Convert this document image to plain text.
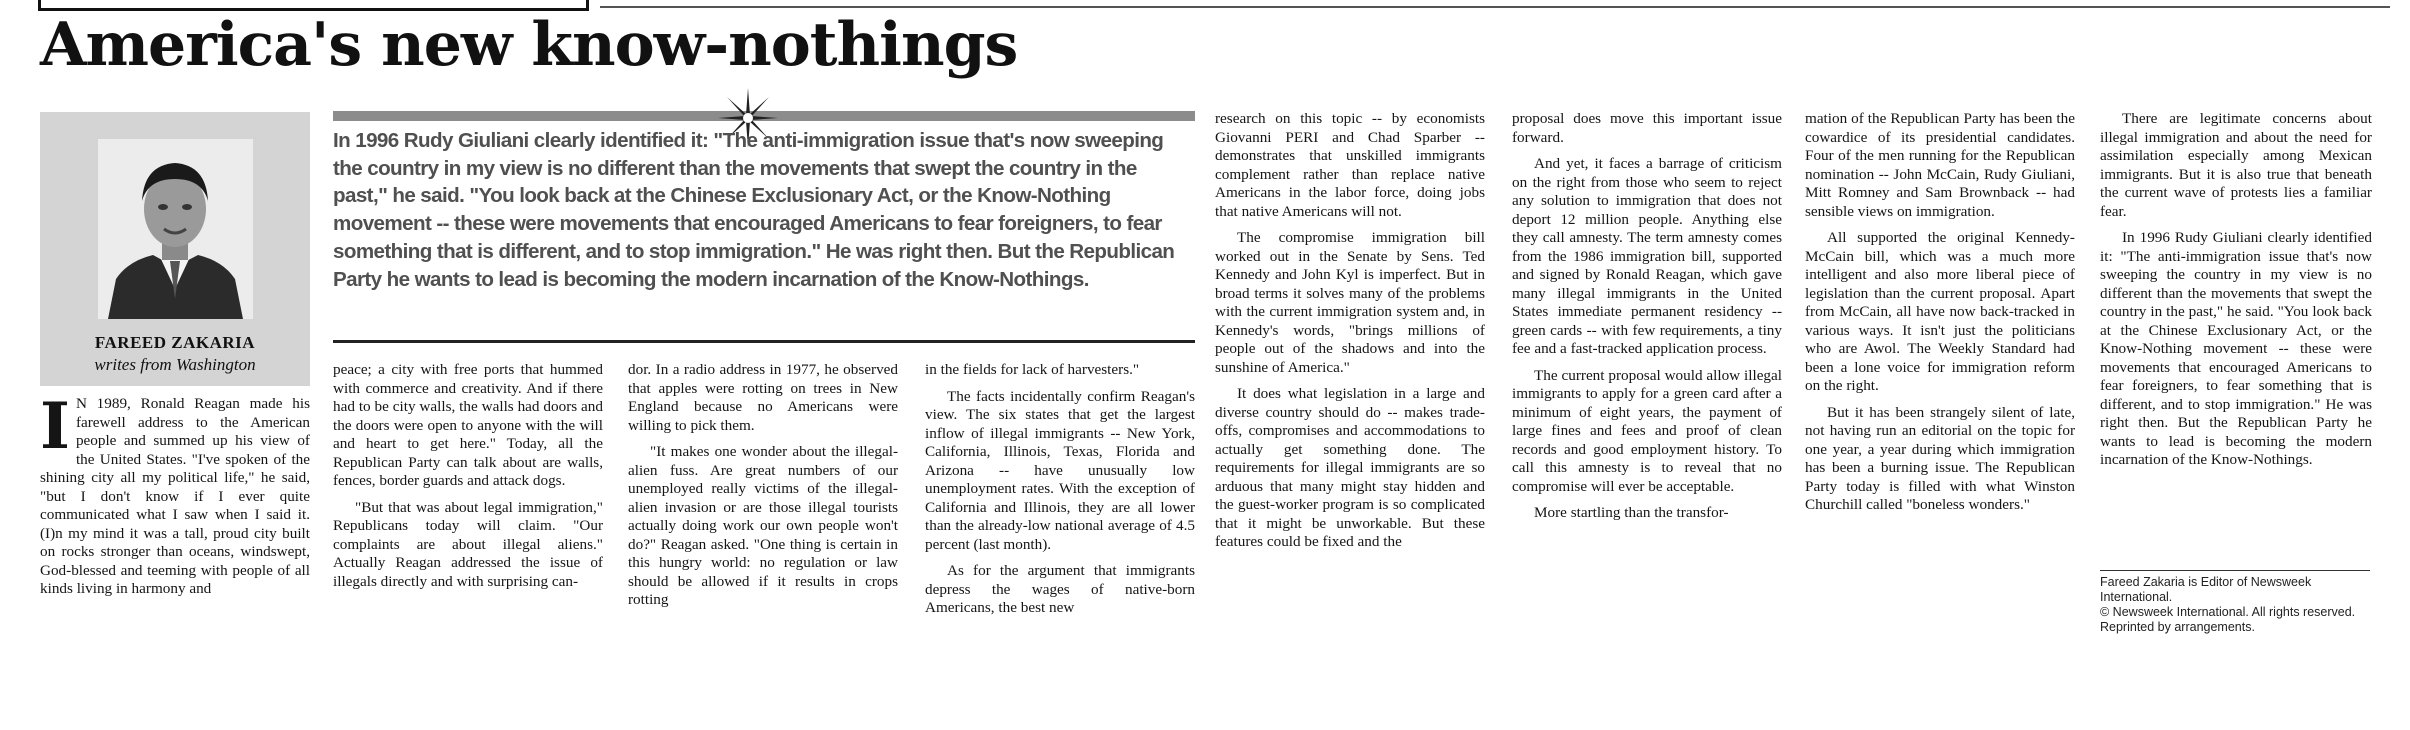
America's new know-nothings
FAREED ZAKARIA
writes from Washington

In 1996 Rudy Giuliani clearly identified it: "The anti-immigration issue that's now sweeping the country in my view is no different than the movements that swept the country in the past," he said. "You look back at the Chinese Exclusionary Act, or the Know-Nothing movement -- these were movements that encouraged Americans to fear foreigners, to fear something that is different, and to stop immigration." He was right then. But the Republican Party he wants to lead is becoming the modern incarnation of the Know-Nothings.

I N 1989, Ronald Reagan made his farewell address to the American people and summed up his view of the United States. "I've spoken of the shining city all my political life," he said, "but I don't know if I ever quite communicated what I saw when I said it. (I)n my mind it was a tall, proud city built on rocks stronger than oceans, windswept, God-blessed and teeming with people of all kinds living in harmony and

peace; a city with free ports that hummed with commerce and creativity. And if there had to be city walls, the walls had doors and the doors were open to anyone with the will and heart to get here." Today, all the Republican Party can talk about are walls, fences, border guards and attack dogs.

"But that was about legal immigration," Republicans today will claim. "Our complaints are about illegal aliens." Actually Reagan addressed the issue of illegals directly and with surprising can-

dor. In a radio address in 1977, he observed that apples were rotting on trees in New England because no Americans were willing to pick them.

"It makes one wonder about the illegal-alien fuss. Are great numbers of our unemployed really victims of the illegal-alien invasion or are those illegal tourists actually doing work our own people won't do?" Reagan asked. "One thing is certain in this hungry world: no regulation or law should be allowed if it results in crops rotting

in the fields for lack of harvesters."

The facts incidentally confirm Reagan's view. The six states that get the largest inflow of illegal immigrants -- New York, California, Illinois, Texas, Florida and Arizona -- have unusually low unemployment rates. With the exception of California and Illinois, they are all lower than the already-low national average of 4.5 percent (last month).

As for the argument that immigrants depress the wages of native-born Americans, the best new

research on this topic -- by economists Giovanni PERI and Chad Sparber -- demonstrates that unskilled immigrants complement rather than replace native Americans in the labor force, doing jobs that native Americans will not.

The compromise immigration bill worked out in the Senate by Sens. Ted Kennedy and John Kyl is imperfect. But in broad terms it solves many of the problems with the current immigration system and, in Kennedy's words, "brings millions of people out of the shadows and into the sunshine of America."

It does what legislation in a large and diverse country should do -- makes trade-offs, compromises and accommodations to actually get something done. The requirements for illegal immigrants are so arduous that many might stay hidden and the guest-worker program is so complicated that it might be unworkable. But these features could be fixed and the

proposal does move this important issue forward.

And yet, it faces a barrage of criticism on the right from those who seem to reject any solution to immigration that does not deport 12 million people. Anything else they call amnesty. The term amnesty comes from the 1986 immigration bill, supported and signed by Ronald Reagan, which gave many illegal immigrants in the United States immediate permanent residency -- green cards -- with few requirements, a tiny fee and a fast-tracked application process.

The current proposal would allow illegal immigrants to apply for a green card after a minimum of eight years, the payment of large fines and fees and proof of clean records and good employment history. To call this amnesty is to reveal that no compromise will ever be acceptable.

More startling than the transfor-

mation of the Republican Party has been the cowardice of its presidential candidates. Four of the men running for the Republican nomination -- John McCain, Rudy Giuliani, Mitt Romney and Sam Brownback -- had sensible views on immigration.

All supported the original Kennedy-McCain bill, which was a much more intelligent and also more liberal piece of legislation than the current proposal. Apart from McCain, all have now back-tracked in various ways. It isn't just the politicians who are Awol. The Weekly Standard had been a lone voice for immigration reform on the right.

But it has been strangely silent of late, not having run an editorial on the topic for one year, a year during which immigration has been a burning issue. The Republican Party today is filled with what Winston Churchill called "boneless wonders."

There are legitimate concerns about illegal immigration and about the need for assimilation especially among Mexican immigrants. But it is also true that beneath the current wave of protests lies a familiar fear.

In 1996 Rudy Giuliani clearly identified it: "The anti-immigration issue that's now sweeping the country in my view is no different than the movements that swept the country in the past," he said. "You look back at the Chinese Exclusionary Act, or the Know-Nothing movement -- these were movements that encouraged Americans to fear foreigners, to fear something that is different, and to stop immigration." He was right then. But the Republican Party he wants to lead is becoming the modern incarnation of the Know-Nothings.

Fareed Zakaria is Editor of Newsweek International.
© Newsweek International. All rights reserved. Reprinted by arrangements.
